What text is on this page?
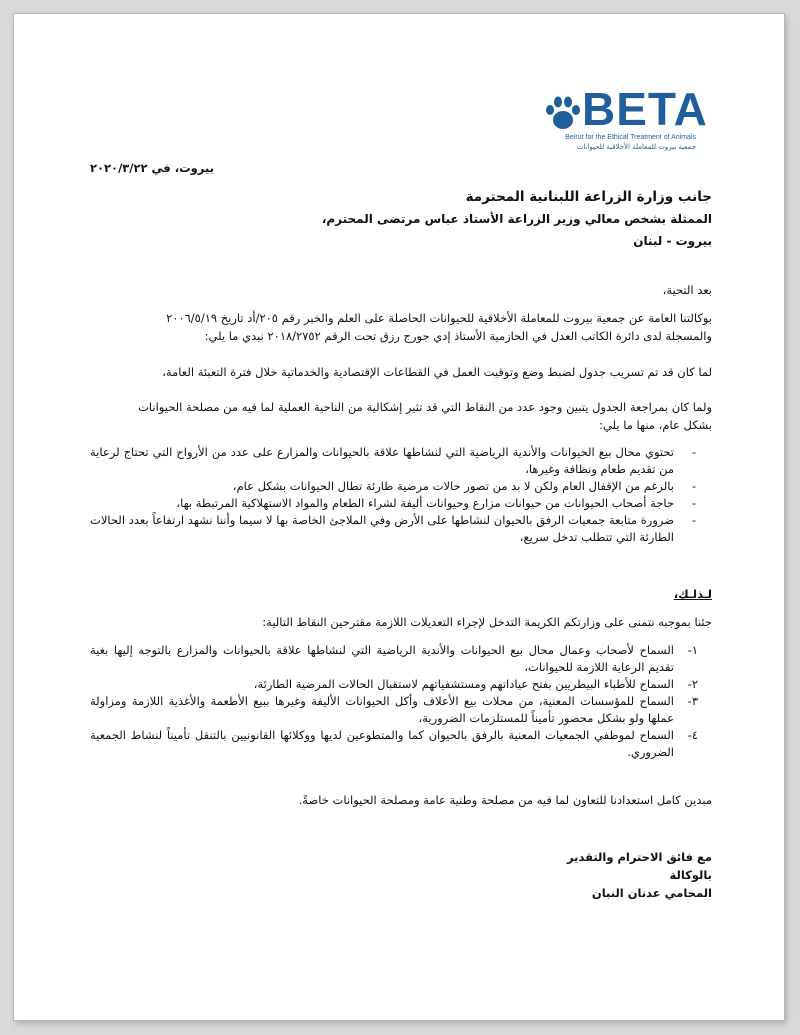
BETA
Beirut for the Ethical Treatment of Animals
جمعية بيروت للمعاملة الأخلاقية للحيوانات
بيروت، في ٢٠٢٠/٣/٢٢
جانب وزارة الزراعة اللبنانية المحترمة
الممثلة بشخص معالي وزير الزراعة الأستاذ عباس مرتضى المحترم،
بيروت - لبنان
بعد التحية،
بوكالتنا العامة عن جمعية بيروت للمعاملة الأخلاقية للحيوانات الحاصلة على العلم والخبر رقم ٢٠٥/أد تاريخ ٢٠٠٦/٥/١٩
والمسجلة لدى دائرة الكاتب العدل في الحازمية الأستاذ إدي جورج رزق تحت الرقم ٢٠١٨/٢٧٥٢ نبدي ما يلي:
لما كان قد تم تسريب جدول لضبط وضع وتوقيت العمل في القطاعات الإقتصادية والخدماتية خلال فترة التعبئة العامة،
ولما كان بمراجعة الجدول يتبين وجود عدد من النقاط التي قد تثير إشكالية من الناحية العملية لما فيه من مصلحة الحيوانات
بشكل عام، منها ما يلي:
- تحتوي محال بيع الحيوانات والأندية الرياضية التي لنشاطها علاقة بالحيوانات والمزارع على عدد من الأرواح التي تحتاج لرعاية من تقديم طعام ونظافة وغيرها،
- بالرغم من الإقفال العام ولكن لا بد من تصور حالات مرضية طارئة تطال الحيوانات بشكل عام،
- حاجة أصحاب الحيوانات من حيوانات مزارع وحيوانات أليفة لشراء الطعام والمواد الاستهلاكية المرتبطة بها،
- ضرورة متابعة جمعيات الرفق بالحيوان لنشاطها على الأرض وفي الملاجئ الخاصة بها لا سيما وأننا نشهد ارتفاعاً بعدد الحالات الطارئة التي تتطلب تدخل سريع،
لـذلـك،
جئنا بموجبه نتمنى على وزارتكم الكريمة التدخل لإجراء التعديلات اللازمة مقترحين النقاط التالية:
١-
السماح لأصحاب وعمال محال بيع الحيوانات والأندية الرياضية التي لنشاطها علاقة بالحيوانات والمزارع بالتوجه إليها بغية تقديم الرعاية اللازمة للحيوانات،
٢-
السماح للأطباء البيطريين بفتح عياداتهم ومستشفياتهم لاستقبال الحالات المرضية الطارئة،
٣-
السماح للمؤسسات المعنية، من محلات بيع الأعلاف وأكل الحيوانات الأليفة وغيرها ببيع الأطعمة والأغذية اللازمة ومزاولة عملها ولو بشكل محصور تأميناً للمستلزمات الضرورية،
٤-
السماح لموظفي الجمعيات المعنية بالرفق بالحيوان كما والمتطوعين لديها ووكلائها القانونيين بالتنقل تأميناً لنشاط الجمعية الضروري.
مبدين كامل استعدادنا للتعاون لما فيه من مصلحة وطنية عامة ومصلحة الحيوانات خاصةً.
مع فائق الاحترام والتقدير
بالوكالة
المحامي عدنان النبان
